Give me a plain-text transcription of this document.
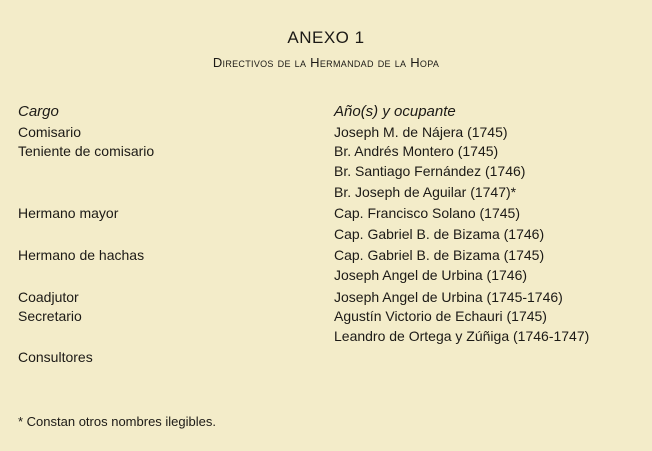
ANEXO 1
Directivos de la Hermandad de la Hopa
Cargo	Año(s) y ocupante
Comisario
Teniente de comisario
Hermano mayor
Hermano de hachas
Coadjutor
Secretario
Consultores
Joseph M. de Nájera (1745)
Br. Andrés Montero (1745)
Br. Santiago Fernández (1746)
Br. Joseph de Aguilar (1747)*
Cap. Francisco Solano (1745)
Cap. Gabriel B. de Bizama (1746)
Cap. Gabriel B. de Bizama (1745)
Joseph Angel de Urbina (1746)
Joseph Angel de Urbina (1745-1746)
Agustín Victorio de Echauri (1745)
Leandro de Ortega y Zúñiga (1746-1747)
* Constan otros nombres ilegibles.
